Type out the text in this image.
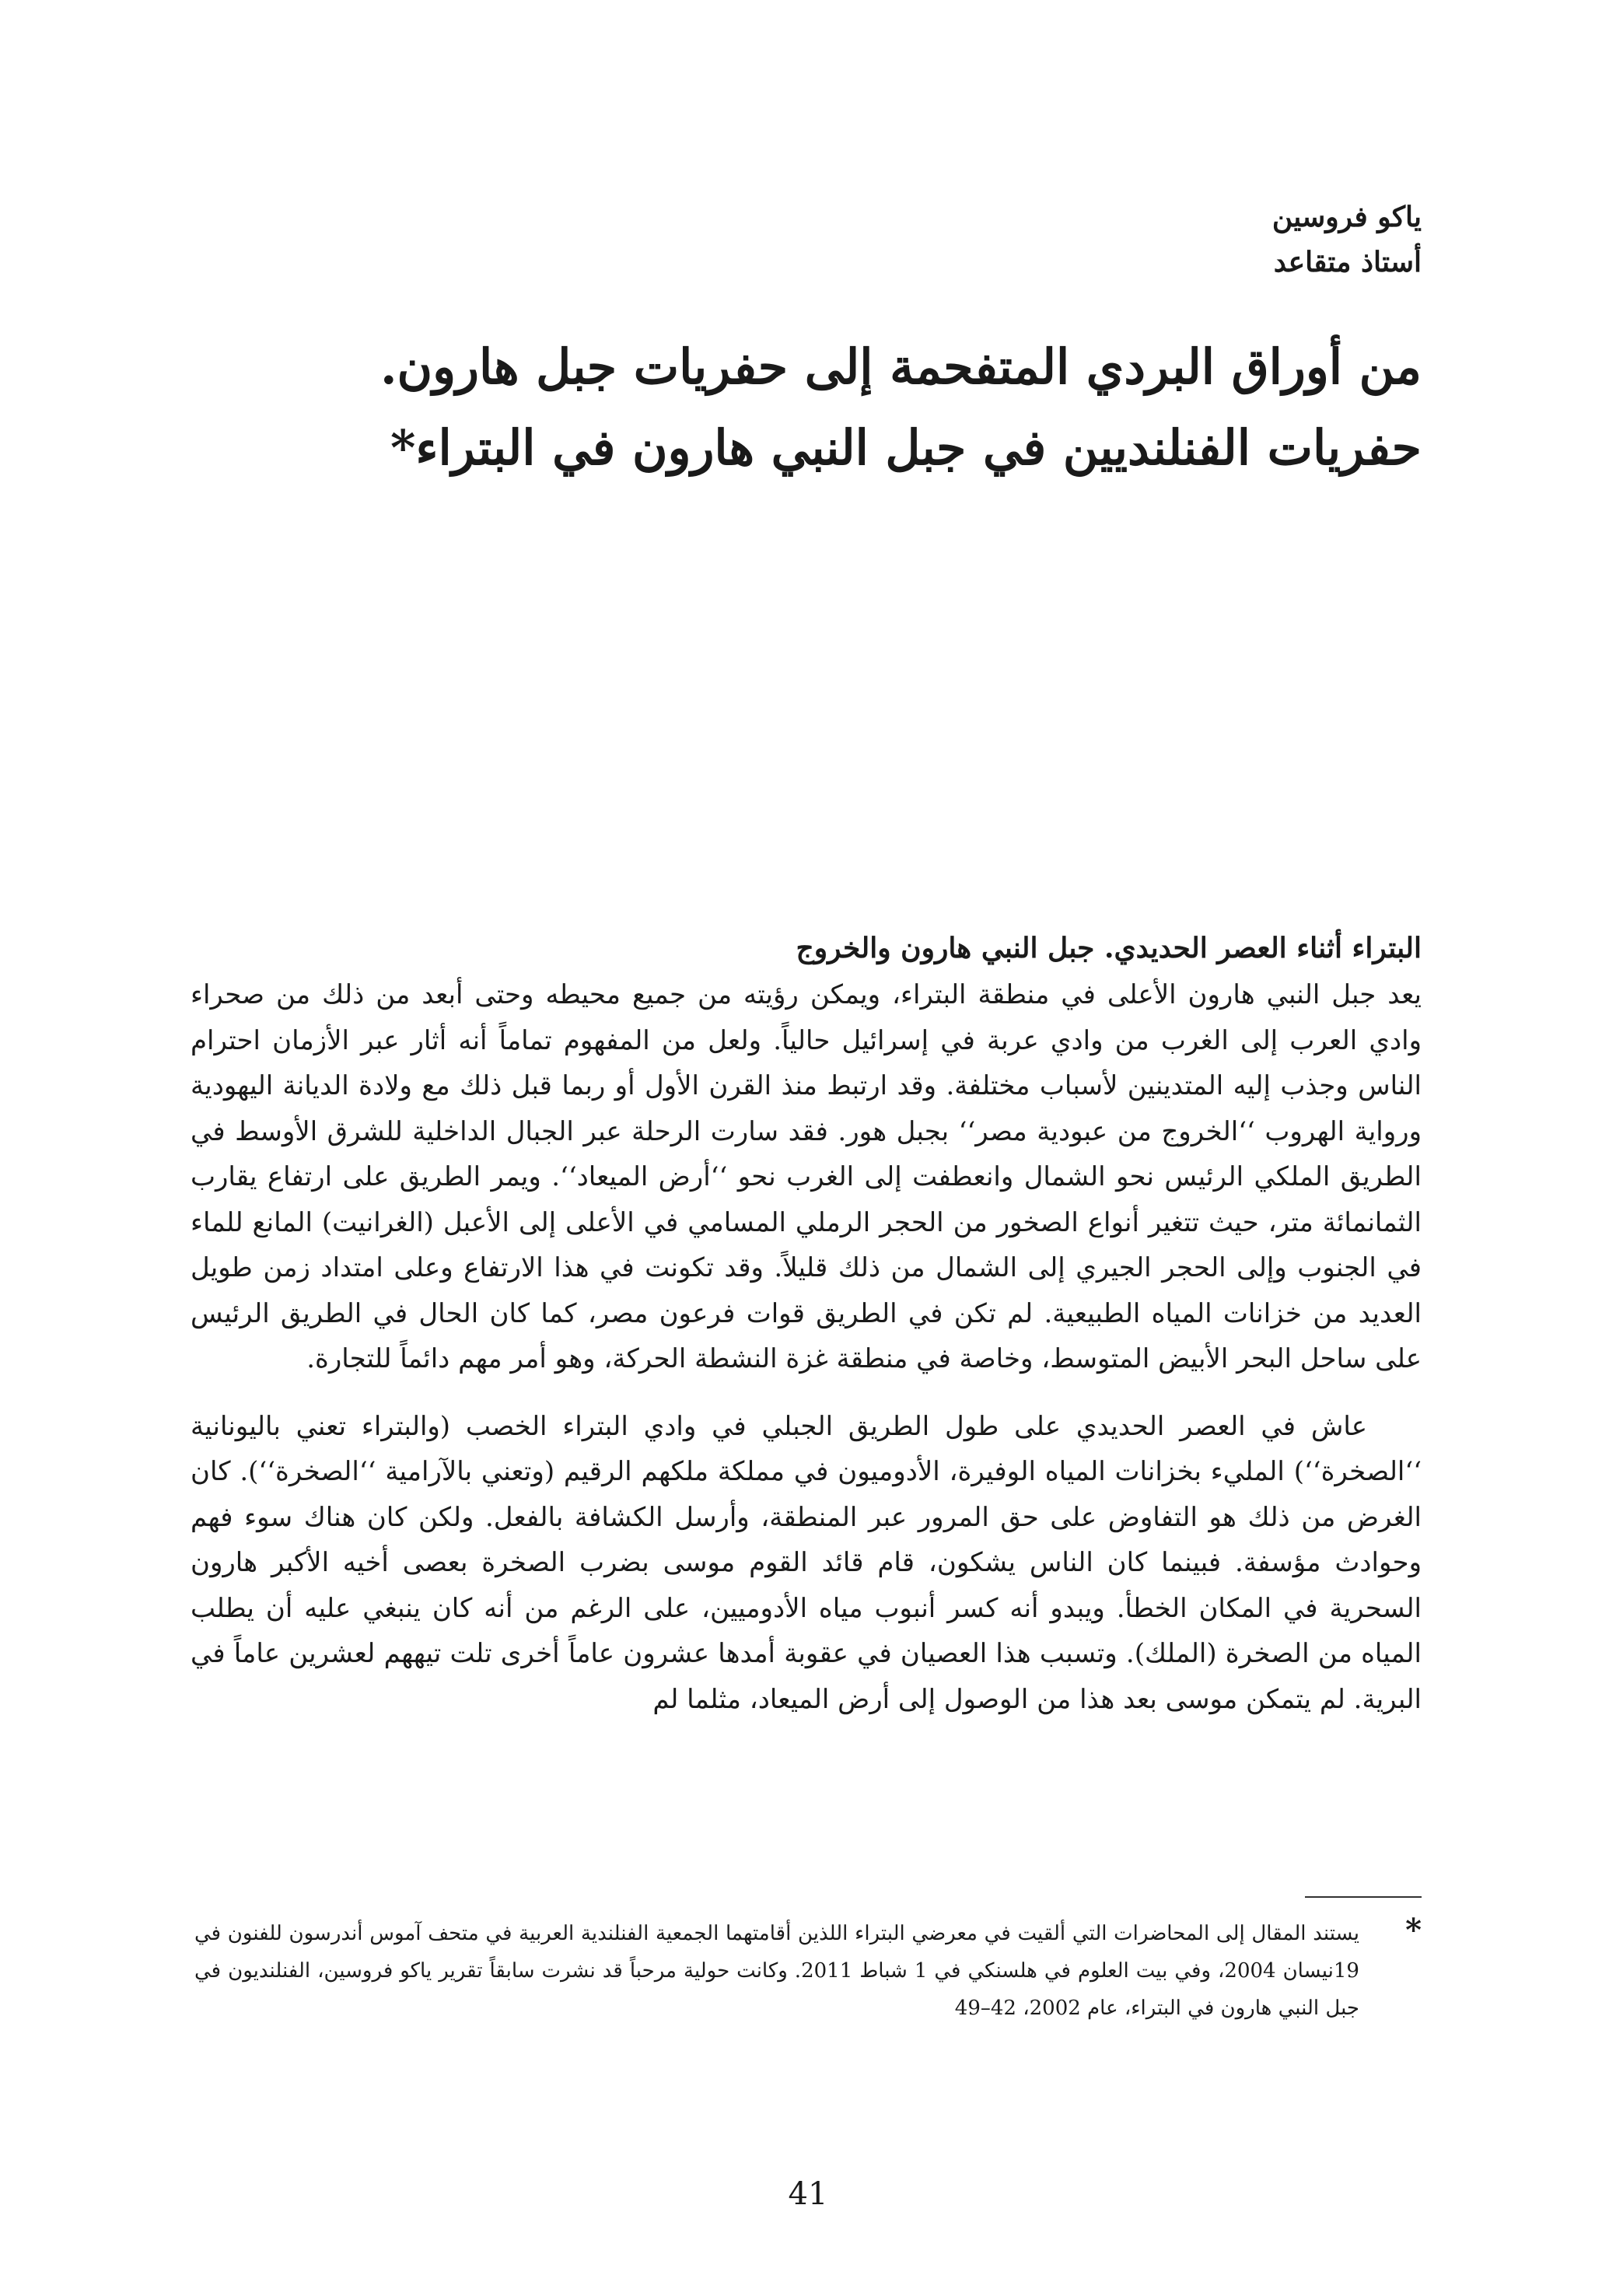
ياكو فروسين

أستاذ متقاعد

من أوراق البردي المتفحمة إلى حفريات جبل هارون.

حفريات الفنلنديين في جبل النبي هارون في البتراء*

البتراء أثناء العصر الحديدي. جبل النبي هارون والخروج

يعد جبل النبي هارون الأعلى في منطقة البتراء، ويمكن رؤيته من جميع محيطه وحتى أبعد من ذلك من صحراء وادي العرب إلى الغرب من وادي عربة في إسرائيل حالياً. ولعل من المفهوم تماماً أنه أثار عبر الأزمان احترام الناس وجذب إليه المتدينين لأسباب مختلفة. وقد ارتبط منذ القرن الأول أو ربما قبل ذلك مع ولادة الديانة اليهودية ورواية الهروب ‘‘الخروج من عبودية مصر‘‘ بجبل هور. فقد سارت الرحلة عبر الجبال الداخلية للشرق الأوسط في الطريق الملكي الرئيس نحو الشمال وانعطفت إلى الغرب نحو ‘‘أرض الميعاد‘‘. ويمر الطريق على ارتفاع يقارب الثمانمائة متر، حيث تتغير أنواع الصخور من الحجر الرملي المسامي في الأعلى إلى الأعبل (الغرانيت) المانع للماء في الجنوب وإلى الحجر الجيري إلى الشمال من ذلك قليلاً. وقد تكونت في هذا الارتفاع وعلى امتداد زمن طويل العديد من خزانات المياه الطبيعية. لم تكن في الطريق قوات فرعون مصر، كما كان الحال في الطريق الرئيس على ساحل البحر الأبيض المتوسط، وخاصة في منطقة غزة النشطة الحركة، وهو أمر مهم دائماً للتجارة.

عاش في العصر الحديدي على طول الطريق الجبلي في وادي البتراء الخصب (والبتراء تعني باليونانية ‘‘الصخرة‘‘) المليء بخزانات المياه الوفيرة، الأدوميون في مملكة ملكهم الرقيم (وتعني بالآرامية ‘‘الصخرة‘‘). كان الغرض من ذلك هو التفاوض على حق المرور عبر المنطقة، وأرسل الكشافة بالفعل. ولكن كان هناك سوء فهم وحوادث مؤسفة. فبينما كان الناس يشكون، قام قائد القوم موسى بضرب الصخرة بعصى أخيه الأكبر هارون السحرية في المكان الخطأ. ويبدو أنه كسر أنبوب مياه الأدوميين، على الرغم من أنه كان ينبغي عليه أن يطلب المياه من الصخرة (الملك). وتسبب هذا العصيان في عقوبة أمدها عشرون عاماً أخرى تلت تيههم لعشرين عاماً في البرية. لم يتمكن موسى بعد هذا من الوصول إلى أرض الميعاد، مثلما لم

*
يستند المقال إلى المحاضرات التي ألقيت في معرضي البتراء اللذين أقامتهما الجمعية الفنلندية العربية في متحف آموس أندرسون للفنون في 19نيسان 2004، وفي بيت العلوم في هلسنكي في 1 شباط 2011. وكانت حولية مرحباً قد نشرت سابقاً تقرير ياكو فروسين، الفنلنديون في جبل النبي هارون في البتراء، عام 2002، 42–49
41
